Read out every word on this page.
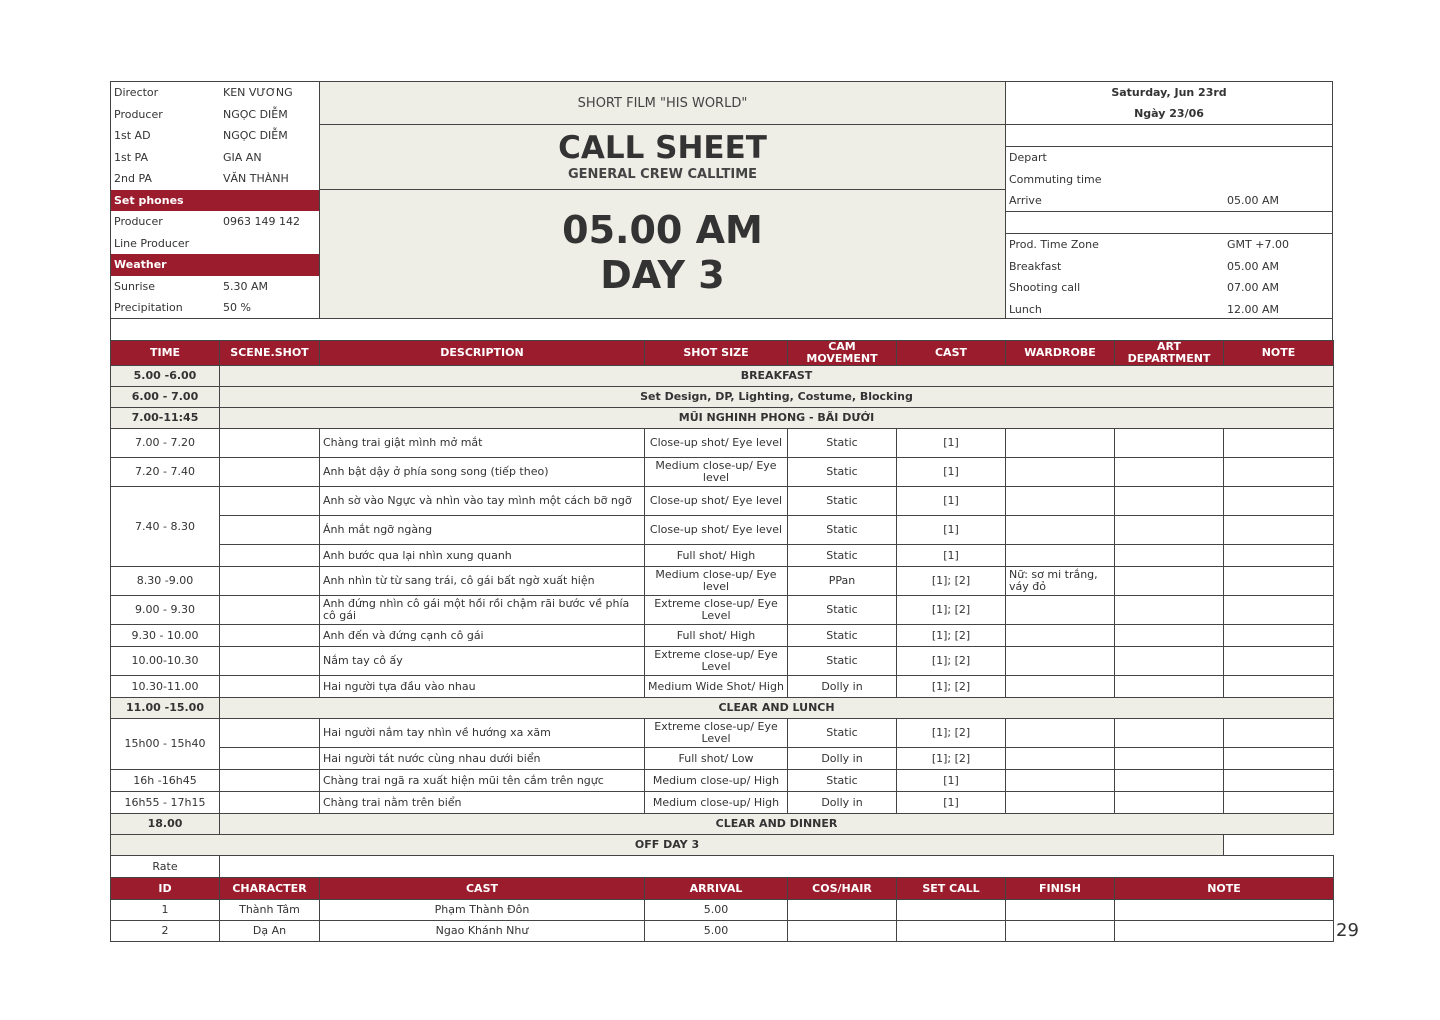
Director	KEN VƯƠNG
Producer	NGỌC DIỄM
1st AD	NGỌC DIỄM
1st PA	GIA AN
2nd PA	VĂN THÀNH
Set phones
Producer	0963 149 142
Line Producer
Weather
Sunrise	5.30 AM
Precipitation	50 %
SHORT FILM "HIS WORLD"
CALL SHEET
GENERAL CREW CALLTIME
05.00 AM
DAY 3
Saturday, Jun 23rd
Ngày 23/06
Depart
Commuting time
Arrive	05.00 AM
Prod. Time Zone	GMT +7.00
Breakfast	05.00 AM
Shooting call	07.00 AM
Lunch	12.00 AM
TIME	SCENE.SHOT	DESCRIPTION	SHOT SIZE	CAM MOVEMENT	CAST	WARDROBE	ART DEPARTMENT	NOTE
5.00 -6.00	BREAKFAST							
6.00 - 7.00	Set Design, DP, Lighting, Costume, Blocking							
7.00-11:45	MŨI NGHINH PHONG - BÃI DƯỚI							
7.00 - 7.20		Chàng trai giật mình mở mắt	Close-up shot/ Eye level	Static	[1]			
7.20 - 7.40		Anh bật dậy ở phía song song (tiếp theo)	Medium close-up/ Eye level	Static	[1]			
7.40 - 8.30		Anh sờ vào Ngực và nhìn vào tay mình một cách bỡ ngỡ	Close-up shot/ Eye level	Static	[1]			
		Ánh mắt ngỡ ngàng	Close-up shot/ Eye level	Static	[1]			
		Anh bước qua lại nhìn xung quanh	Full shot/ High	Static	[1]			
8.30 -9.00		Anh nhìn từ từ sang trái, cô gái bất ngờ xuất hiện	Medium close-up/ Eye level	PPan	[1]; [2]	Nữ: sơ mi trắng, váy đỏ		
9.00 - 9.30		Anh đứng nhìn cô gái một hồi rồi chậm rãi bước về phía cô gái	Extreme close-up/ Eye Level	Static	[1]; [2]			
9.30 - 10.00		Anh đến và đứng cạnh cô gái	Full shot/ High	Static	[1]; [2]			
10.00-10.30		Nắm tay cô ấy	Extreme close-up/ Eye Level	Static	[1]; [2]			
10.30-11.00		Hai người tựa đầu vào nhau	Medium Wide Shot/ High	Dolly in	[1]; [2]			
11.00 -15.00	CLEAR AND LUNCH							
15h00 - 15h40		Hai người nắm tay nhìn về hướng xa xăm	Extreme close-up/ Eye Level	Static	[1]; [2]			
		Hai người tát nước cùng nhau dưới biển	Full shot/ Low	Dolly in	[1]; [2]			
16h -16h45		Chàng trai ngã ra xuất hiện mũi tên cắm trên ngực	Medium close-up/ High	Static	[1]			
16h55 - 17h15		Chàng trai nằm trên biển	Medium close-up/ High	Dolly in	[1]			
18.00	CLEAR AND DINNER							
OFF DAY 3								
Rate								
ID	CHARACTER	CAST	ARRIVAL	COS/HAIR	SET CALL	FINISH	NOTE
1	Thành Tâm	Phạm Thành Đôn	5.00				
2	Dạ An	Ngao Khánh Như	5.00					29
